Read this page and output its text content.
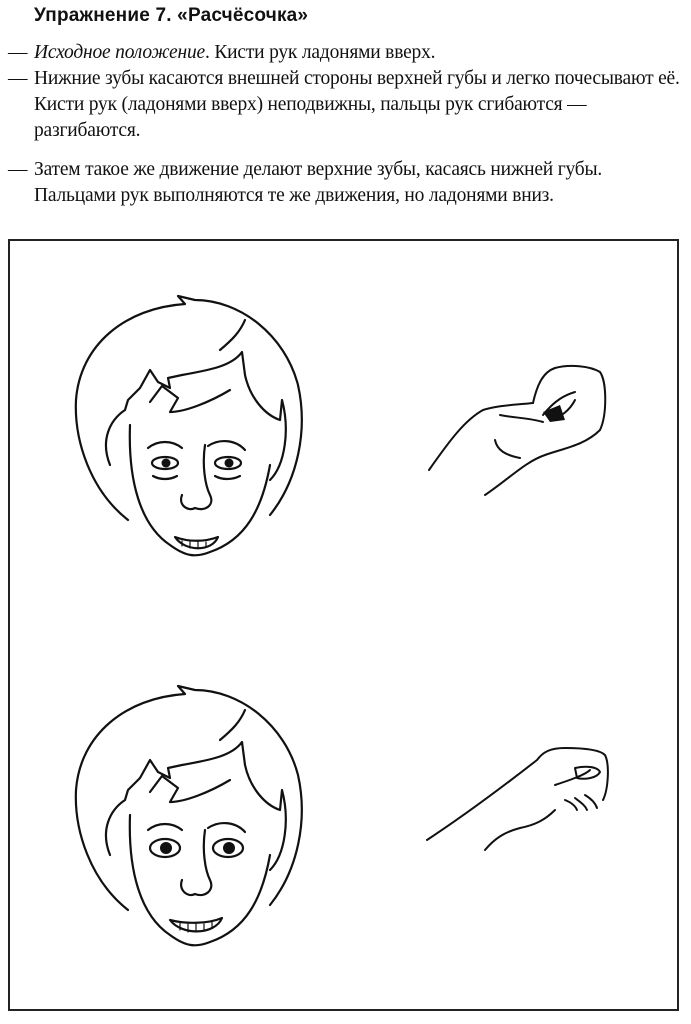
Упражнение 7. «Расчёсочка»
— Исходное положение. Кисти рук ладонями вверх.
— Нижние зубы касаются внешней стороны верхней губы и легко почесывают её. Кисти рук (ладонями вверх) неподвижны, пальцы рук сгибаются — разгибаются.
— Затем такое же движение делают верхние зубы, касаясь нижней губы. Пальцами рук выполняются те же движения, но ладонями вниз.
